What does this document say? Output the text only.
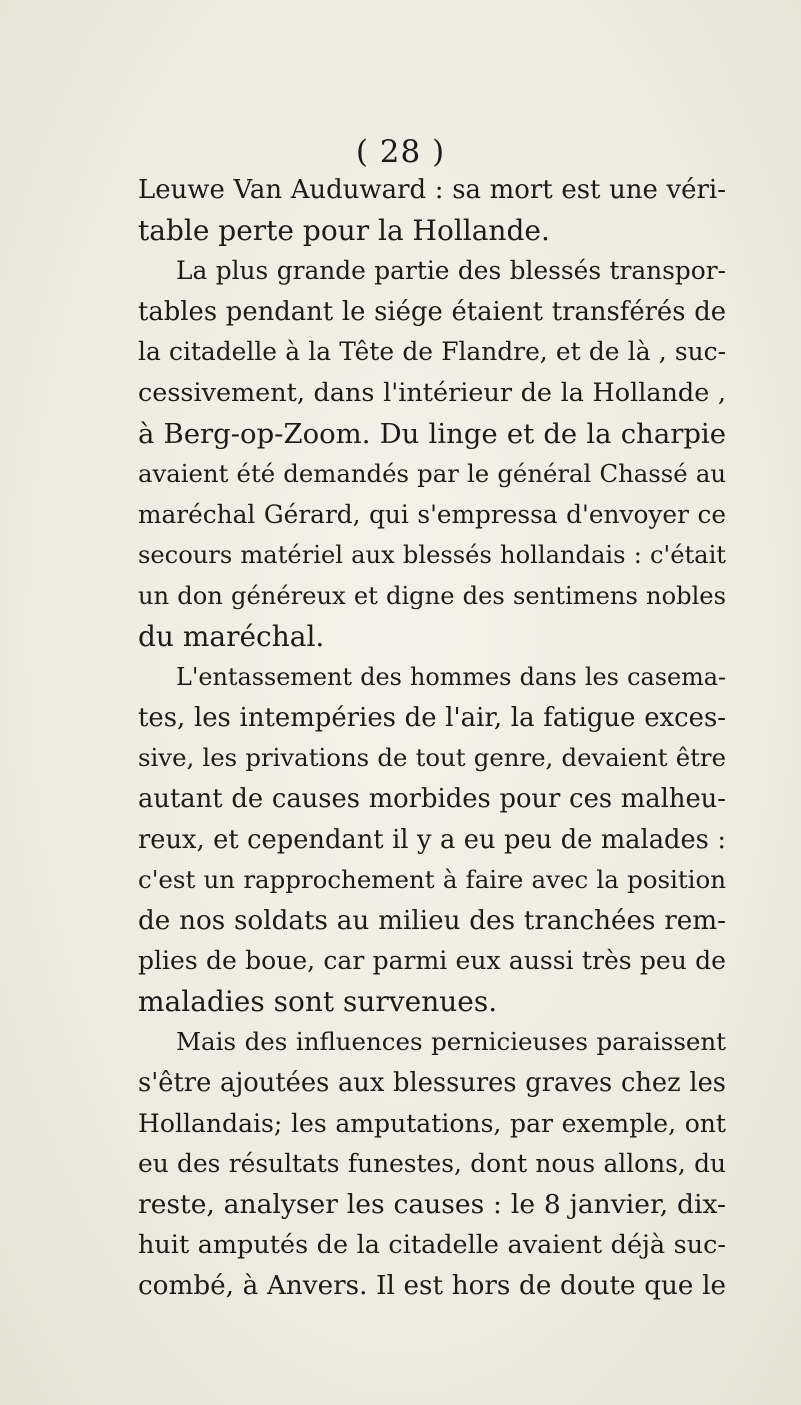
( 28 )
Leuwe Van Auduward : sa mort est une véri-
table perte pour la Hollande.
La plus grande partie des blessés transpor-
tables pendant le siége étaient transférés de
la citadelle à la Tête de Flandre, et de là , suc-
cessivement, dans l'intérieur de la Hollande ,
à Berg-op-Zoom. Du linge et de la charpie
avaient été demandés par le général Chassé au
maréchal Gérard, qui s'empressa d'envoyer ce
secours matériel aux blessés hollandais : c'était
un don généreux et digne des sentimens nobles
du maréchal.
L'entassement des hommes dans les casema-
tes, les intempéries de l'air, la fatigue exces-
sive, les privations de tout genre, devaient être
autant de causes morbides pour ces malheu-
reux, et cependant il y a eu peu de malades :
c'est un rapprochement à faire avec la position
de nos soldats au milieu des tranchées rem-
plies de boue, car parmi eux aussi très peu de
maladies sont survenues.
Mais des influences pernicieuses paraissent
s'être ajoutées aux blessures graves chez les
Hollandais; les amputations, par exemple, ont
eu des résultats funestes, dont nous allons, du
reste, analyser les causes : le 8 janvier, dix-
huit amputés de la citadelle avaient déjà suc-
combé, à Anvers. Il est hors de doute que le
